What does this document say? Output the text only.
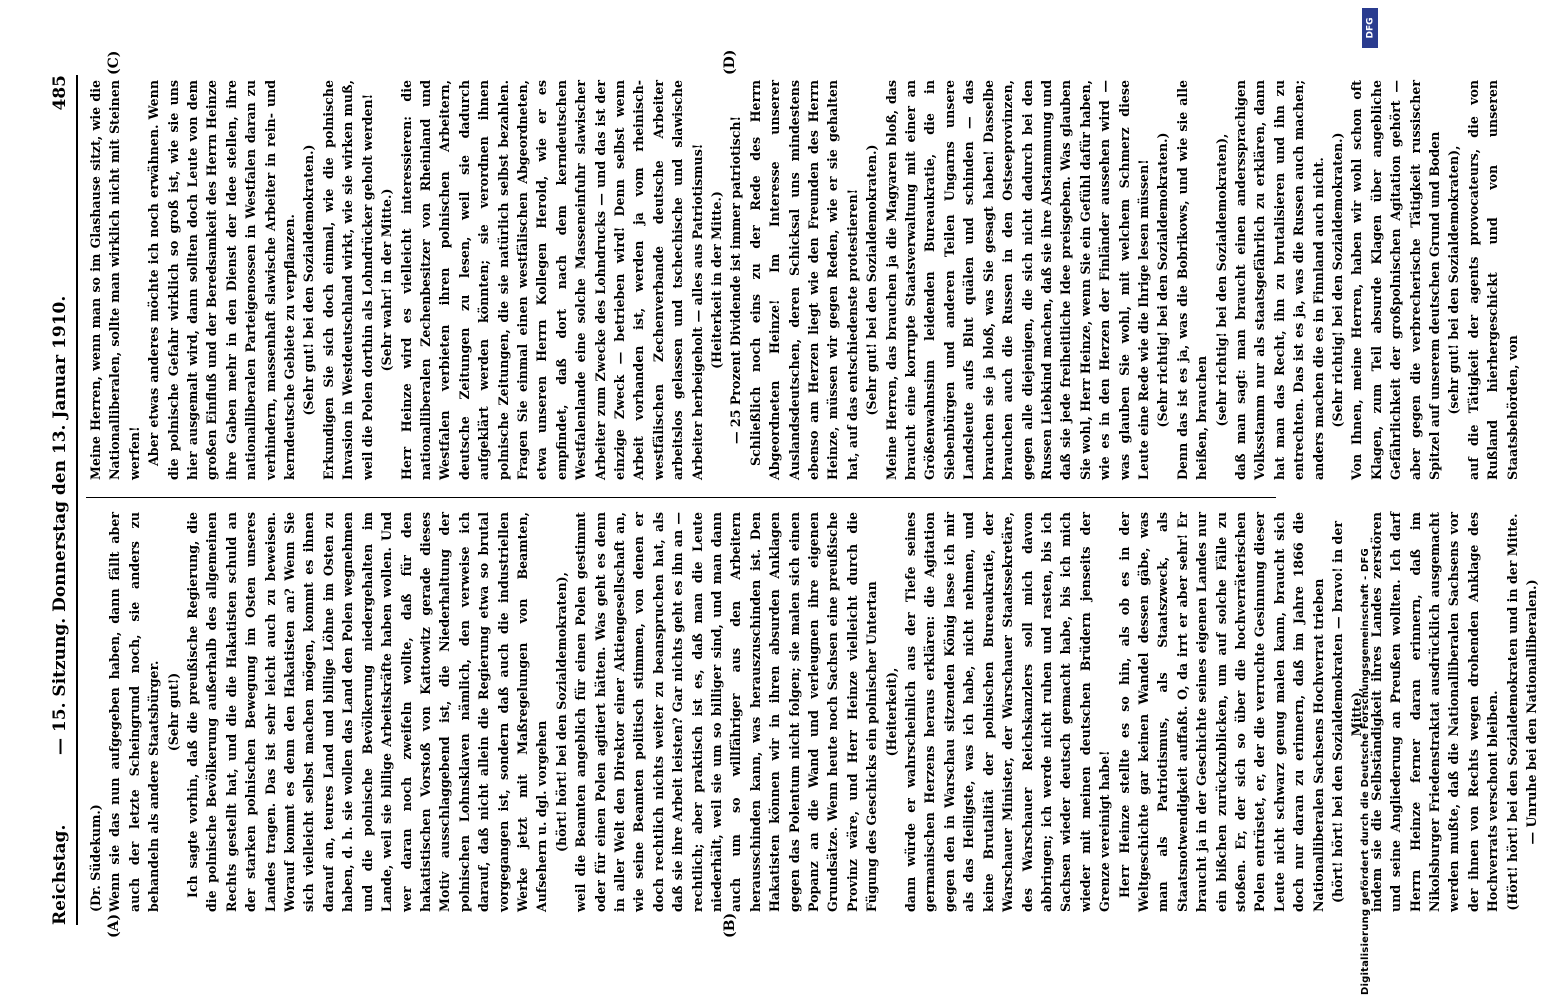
Reichstag.
— 15. Sitzung. Donnerstag den 13. Januar 1910.
485
(A)	(B)
(C)	(D)

(Dr. Südekum.) Wenn sie das nun aufgegeben haben, dann fällt aber auch der letzte Scheingrund noch, sie anders zu behandeln als andere Staatsbürger. (Sehr gut!) Ich sagte vorhin, daß die preußische Regierung, die die polnische Bevölkerung außerhalb des allgemeinen Rechts gestellt hat, und die die Hakatisten schuld an der starken polnischen Bewegung im Osten unseres Landes tragen. Das ist sehr leicht auch zu beweisen. Worauf kommt es denn den Hakatisten an? Wenn Sie sich vielleicht selbst machen mögen, kommt es ihnen darauf an, teures Land und billige Löhne im Osten zu haben, d. h. sie wollen das Land den Polen wegnehmen und die polnische Bevölkerung niedergehalten im Lande, weil sie billige Arbeitskräfte haben wollen. Und wer daran noch zweifeln wollte, daß für den hakatistischen Vorstoß von Kattowitz gerade dieses Motiv ausschlaggebend ist, die Niederhaltung der polnischen Lohnsklaven nämlich, den verweise ich darauf, daß nicht allein die Regierung etwa so brutal vorgegangen ist, sondern daß auch die industriellen Werke jetzt mit Maßregelungen von Beamten, Aufsehern u. dgl. vorgehen (hört! hört! bei den Sozialdemokraten), weil die Beamten angeblich für einen Polen gestimmt oder für einen Polen agitiert hätten. Was geht es denn in aller Welt den Direktor einer Aktiengesellschaft an, wie seine Beamten politisch stimmen, von denen er doch rechtlich nichts weiter zu beanspruchen hat, als daß sie ihre Arbeit leisten? Gar nichts geht es ihn an — rechtlich; aber praktisch ist es, daß man die Leute niederhält, weil sie um so billiger sind, und man dann auch um so willfähriger aus den Arbeitern herausschinden kann, was herauszuschinden ist. Den Hakatisten können wir in ihren absurden Anklagen gegen das Polentum nicht folgen; sie malen sich einen Popanz an die Wand und verleugnen ihre eigenen Grundsätze. Wenn heute noch Sachsen eine preußische Provinz wäre, und Herr Heinze vielleicht durch die Fügung des Geschicks ein polnischer Untertan (Heiterkeit), dann würde er wahrscheinlich aus der Tiefe seines germanischen Herzens heraus erklären: die Agitation gegen den in Warschau sitzenden König lasse ich mir als das Heiligste, was ich habe, nicht nehmen, und keine Brutalität der polnischen Bureaukratie, der Warschauer Minister, der Warschauer Staatssekretäre, des Warschauer Reichskanzlers soll mich davon abbringen; ich werde nicht ruhen und rasten, bis ich Sachsen wieder deutsch gemacht habe, bis ich mich wieder mit meinen deutschen Brüdern jenseits der Grenze vereinigt habe! Herr Heinze stellte es so hin, als ob es in der Weltgeschichte gar keinen Wandel dessen gäbe, was man als Patriotismus, als Staatszweck, als Staatsnotwendigkeit auffaßt. O, da irrt er aber sehr! Er braucht ja in der Geschichte seines eigenen Landes nur ein bißchen zurückzublicken, um auf solche Fälle zu stoßen. Er, der sich so über die hochverräterischen Polen entrüstet, er, der die verruchte Gesinnung dieser Leute nicht schwarz genug malen kann, braucht sich doch nur daran zu erinnern, daß im Jahre 1866 die Nationalliberalen Sachsens Hochverrat trieben (hört! hört! bei den Sozialdemokraten — bravo! in der Mitte), indem sie die Selbständigkeit ihres Landes zerstören und seine Angliederung an Preußen wollten. Ich darf Herrn Heinze ferner daran erinnern, daß im Nikolsburger Friedenstraktat ausdrücklich ausgemacht werden mußte, daß die Nationalliberalen Sachsens vor der ihnen von Rechts wegen drohenden Anklage des Hochverrats verschont bleiben. (Hört! hört! bei den Sozialdemokraten und in der Mitte. — Unruhe bei den Nationalliberalen.)

Meine Herren, wenn man so im Glashause sitzt, wie die Nationalliberalen, sollte man wirklich nicht mit Steinen werfen! Aber etwas anderes möchte ich noch erwähnen. Wenn die polnische Gefahr wirklich so groß ist, wie sie uns hier ausgemalt wird, dann sollten doch Leute von dem großen Einfluß und der Beredsamkeit des Herrn Heinze ihre Gaben mehr in den Dienst der Idee stellen, ihre nationalliberalen Parteigenossen in Westfalen daran zu verhindern, massenhaft slawische Arbeiter in rein- und kerndeutsche Gebiete zu verpflanzen. (Sehr gut! bei den Sozialdemokraten.) Erkundigen Sie sich doch einmal, wie die polnische Invasion in Westdeutschland wirkt, wie sie wirken muß, weil die Polen dorthin als Lohndrücker geholt werden! (Sehr wahr! in der Mitte.) Herr Heinze wird es vielleicht interessieren: die nationalliberalen Zechenbesitzer von Rheinland und Westfalen verbieten ihren polnischen Arbeitern, deutsche Zeitungen zu lesen, weil sie dadurch aufgeklärt werden könnten; sie verordnen ihnen polnische Zeitungen, die sie natürlich selbst bezahlen. Fragen Sie einmal einen westfälischen Abgeordneten, etwa unseren Herrn Kollegen Herold, wie er es empfindet, daß dort nach dem kerndeutschen Westfalenlande eine solche Masseneinfuhr slawischer Arbeiter zum Zwecke des Lohndrucks — und das ist der einzige Zweck — betrieben wird! Denn selbst wenn Arbeit vorhanden ist, werden ja vom rheinisch-westfälischen Zechenverbande deutsche Arbeiter arbeitslos gelassen und tschechische und slawische Arbeiter herbeigeholt — alles aus Patriotismus! (Heiterkeit in der Mitte.) — 25 Prozent Dividende ist immer patriotisch! Schließlich noch eins zu der Rede des Herrn Abgeordneten Heinze! Im Interesse unserer Auslandsdeutschen, deren Schicksal uns mindestens ebenso am Herzen liegt wie den Freunden des Herrn Heinze, müssen wir gegen Reden, wie er sie gehalten hat, auf das entschiedenste protestieren! (Sehr gut! bei den Sozialdemokraten.) Meine Herren, das brauchen ja die Magyaren bloß, das braucht eine korrupte Staatsverwaltung mit einer an Größenwahnsinn leidenden Bureaukratie, die in Siebenbürgen und anderen Teilen Ungarns unsere Landsleute aufs Blut quälen und schinden — das brauchen sie ja bloß, was Sie gesagt haben! Dasselbe brauchen auch die Russen in den Ostseeprovinzen, gegen alle diejenigen, die sich nicht dadurch bei den Russen Liebkind machen, daß sie ihre Abstammung und daß sie jede freiheitliche Idee preisgeben. Was glauben Sie wohl, Herr Heinze, wenn Sie ein Gefühl dafür haben, wie es in den Herzen der Finländer aussehen wird — was glauben Sie wohl, mit welchem Schmerz diese Leute eine Rede wie die Ihrige lesen müssen! (Sehr richtig! bei den Sozialdemokraten.) Denn das ist es ja, was die Bobrikows, und wie sie alle heißen, brauchen (sehr richtig! bei den Sozialdemokraten), daß man sagt: man braucht einen anderssprachigen Volksstamm nur als staatsgefährlich zu erklären, dann hat man das Recht, ihn zu brutalisieren und ihn zu entrechten. Das ist es ja, was die Russen auch machen; anders machen die es in Finnland auch nicht. (Sehr richtig! bei den Sozialdemokraten.) Von Ihnen, meine Herren, haben wir wohl schon oft Klagen, zum Teil absurde Klagen über angebliche Gefährlichkeit der großpolnischen Agitation gehört — aber gegen die verbrecherische Tätigkeit russischer Spitzel auf unserem deutschen Grund und Boden (sehr gut! bei den Sozialdemokraten), auf die Tätigkeit der agents provocateurs, die von Rußland hierhergeschickt und von unseren Staatsbehörden, von

DFG
Digitalisierung gefördert durch die Deutsche Forschungsgemeinschaft - DFG
